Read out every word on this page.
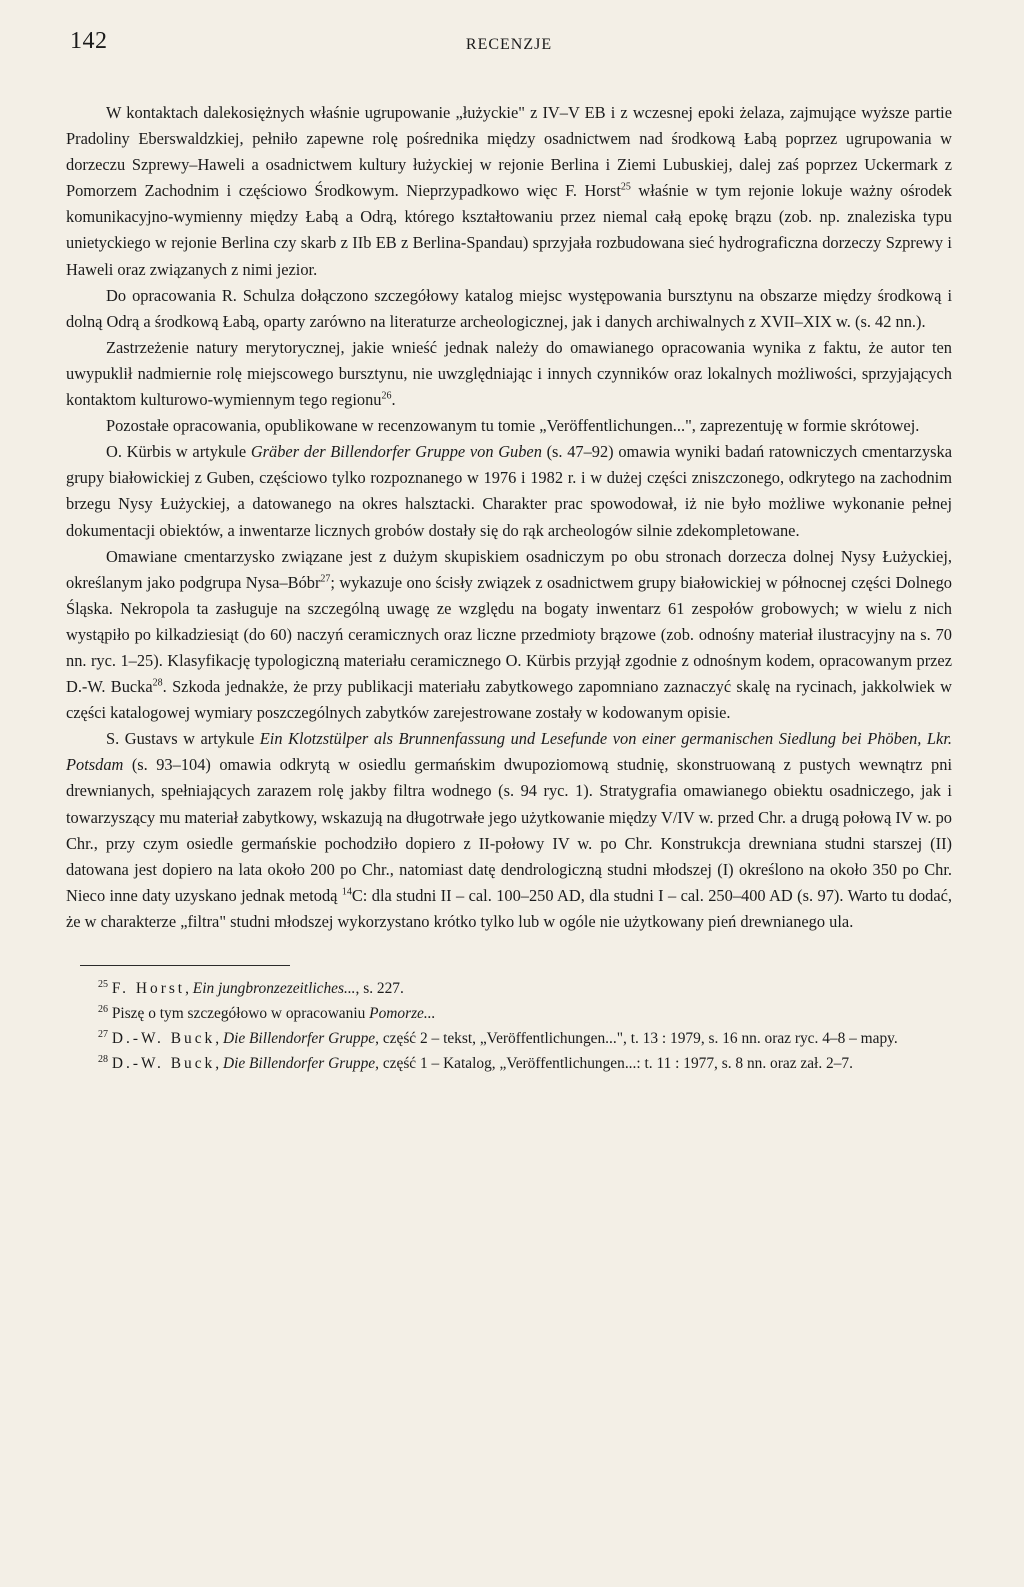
142	RECENZJE

W kontaktach dalekosiężnych właśnie ugrupowanie „łużyckie" z IV–V EB i z wczesnej epoki żelaza, zajmujące wyższe partie Pradoliny Eberswaldzkiej, pełniło zapewne rolę pośrednika między osadnictwem nad środkową Łabą poprzez ugrupowania w dorzeczu Szprewy–Haweli a osadnictwem kultury łużyckiej w rejonie Berlina i Ziemi Lubuskiej, dalej zaś poprzez Uckermark z Pomorzem Zachodnim i częściowo Środkowym. Nieprzypadkowo więc F. Horst$^{25}$ właśnie w tym rejonie lokuje ważny ośrodek komunikacyjno-wymienny między Łabą a Odrą, którego kształtowaniu przez niemal całą epokę brązu (zob. np. znaleziska typu unietyckiego w rejonie Berlina czy skarb z IIb EB z Berlina-Spandau) sprzyjała rozbudowana sieć hydrograficzna dorzeczy Szprewy i Haweli oraz związanych z nimi jezior.

Do opracowania R. Schulza dołączono szczegółowy katalog miejsc występowania bursztynu na obszarze między środkową i dolną Odrą a środkową Łabą, oparty zarówno na literaturze archeologicznej, jak i danych archiwalnych z XVII–XIX w. (s. 42 nn.).

Zastrzeżenie natury merytorycznej, jakie wnieść jednak należy do omawianego opracowania wynika z faktu, że autor ten uwypuklił nadmiernie rolę miejscowego bursztynu, nie uwzględniając i innych czynników oraz lokalnych możliwości, sprzyjających kontaktom kulturowo-wymiennym tego regionu$^{26}$.

Pozostałe opracowania, opublikowane w recenzowanym tu tomie „Veröffentlichungen...", zaprezentuję w formie skrótowej.

O. Kürbis w artykule Gräber der Billendorfer Gruppe von Guben (s. 47–92) omawia wyniki badań ratowniczych cmentarzyska grupy białowickiej z Guben, częściowo tylko rozpoznanego w 1976 i 1982 r. i w dużej części zniszczonego, odkrytego na zachodnim brzegu Nysy Łużyckiej, a datowanego na okres halsztacki. Charakter prac spowodował, iż nie było możliwe wykonanie pełnej dokumentacji obiektów, a inwentarze licznych grobów dostały się do rąk archeologów silnie zdekompletowane.

Omawiane cmentarzysko związane jest z dużym skupiskiem osadniczym po obu stronach dorzecza dolnej Nysy Łużyckiej, określanym jako podgrupa Nysa–Bóbr$^{27}$; wykazuje ono ścisły związek z osadnictwem grupy białowickiej w północnej części Dolnego Śląska. Nekropola ta zasługuje na szczególną uwagę ze względu na bogaty inwentarz 61 zespołów grobowych; w wielu z nich wystąpiło po kilkadziesiąt (do 60) naczyń ceramicznych oraz liczne przedmioty brązowe (zob. odnośny materiał ilustracyjny na s. 70 nn. ryc. 1–25). Klasyfikację typologiczną materiału ceramicznego O. Kürbis przyjął zgodnie z odnośnym kodem, opracowanym przez D.-W. Bucka$^{28}$. Szkoda jednakże, że przy publikacji materiału zabytkowego zapomniano zaznaczyć skalę na rycinach, jakkolwiek w części katalogowej wymiary poszczególnych zabytków zarejestrowane zostały w kodowanym opisie.

S. Gustavs w artykule Ein Klotzstülper als Brunnenfassung und Lesefunde von einer germanischen Siedlung bei Phöben, Lkr. Potsdam (s. 93–104) omawia odkrytą w osiedlu germańskim dwupoziomową studnię, skonstruowaną z pustych wewnątrz pni drewnianych, spełniających zarazem rolę jakby filtra wodnego (s. 94 ryc. 1). Stratygrafia omawianego obiektu osadniczego, jak i towarzyszący mu materiał zabytkowy, wskazują na długotrwałe jego użytkowanie między V/IV w. przed Chr. a drugą połową IV w. po Chr., przy czym osiedle germańskie pochodziło dopiero z II-połowy IV w. po Chr. Konstrukcja drewniana studni starszej (II) datowana jest dopiero na lata około 200 po Chr., natomiast datę dendrologiczną studni młodszej (I) określono na około 350 po Chr. Nieco inne daty uzyskano jednak metodą $^{14}$C: dla studni II – cal. 100–250 AD, dla studni I – cal. 250–400 AD (s. 97). Warto tu dodać, że w charakterze „filtra" studni młodszej wykorzystano krótko tylko lub w ogóle nie użytkowany pień drewnianego ula.

$^{25}$ F. Horst, Ein jungbronzezeitliches..., s. 227.

$^{26}$ Piszę o tym szczegółowo w opracowaniu Pomorze...

$^{27}$ D.-W. Buck, Die Billendorfer Gruppe, część 2 – tekst, „Veröffentlichungen...", t. 13 : 1979, s. 16 nn. oraz ryc. 4–8 – mapy.

$^{28}$ D.-W. Buck, Die Billendorfer Gruppe, część 1 – Katalog, „Veröffentlichungen...: t. 11 : 1977, s. 8 nn. oraz zał. 2–7.
